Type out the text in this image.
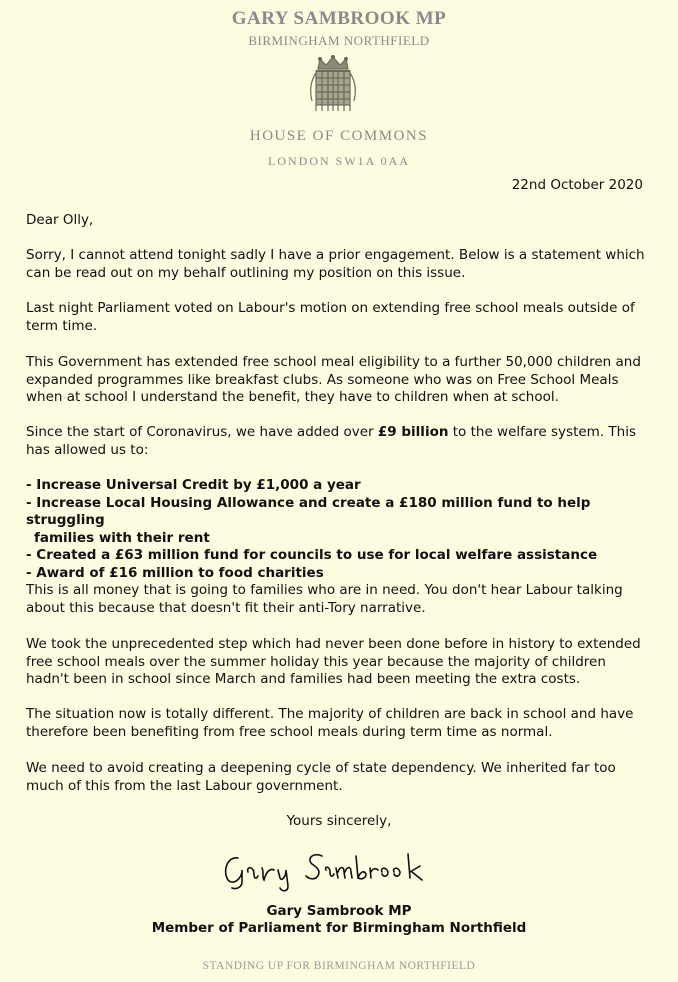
GARY SAMBROOK MP
BIRMINGHAM NORTHFIELD
HOUSE OF COMMONS
LONDON SW1A 0AA
22nd October 2020
Dear Olly,
Sorry, I cannot attend tonight sadly I have a prior engagement. Below is a statement which can be read out on my behalf outlining my position on this issue.
Last night Parliament voted on Labour's motion on extending free school meals outside of term time.
This Government has extended free school meal eligibility to a further 50,000 children and expanded programmes like breakfast clubs. As someone who was on Free School Meals when at school I understand the benefit, they have to children when at school.
Since the start of Coronavirus, we have added over £9 billion to the welfare system. This has allowed us to:
- Increase Universal Credit by £1,000 a year
- Increase Local Housing Allowance and create a £180 million fund to help struggling
families with their rent
- Created a £63 million fund for councils to use for local welfare assistance
- Award of £16 million to food charities
This is all money that is going to families who are in need. You don't hear Labour talking about this because that doesn't fit their anti-Tory narrative.
We took the unprecedented step which had never been done before in history to extended free school meals over the summer holiday this year because the majority of children hadn't been in school since March and families had been meeting the extra costs.
The situation now is totally different. The majority of children are back in school and have therefore been benefiting from free school meals during term time as normal.
We need to avoid creating a deepening cycle of state dependency. We inherited far too much of this from the last Labour government.
Yours sincerely,
Gary Sambrook MP
Member of Parliament for Birmingham Northfield
STANDING UP FOR BIRMINGHAM NORTHFIELD
